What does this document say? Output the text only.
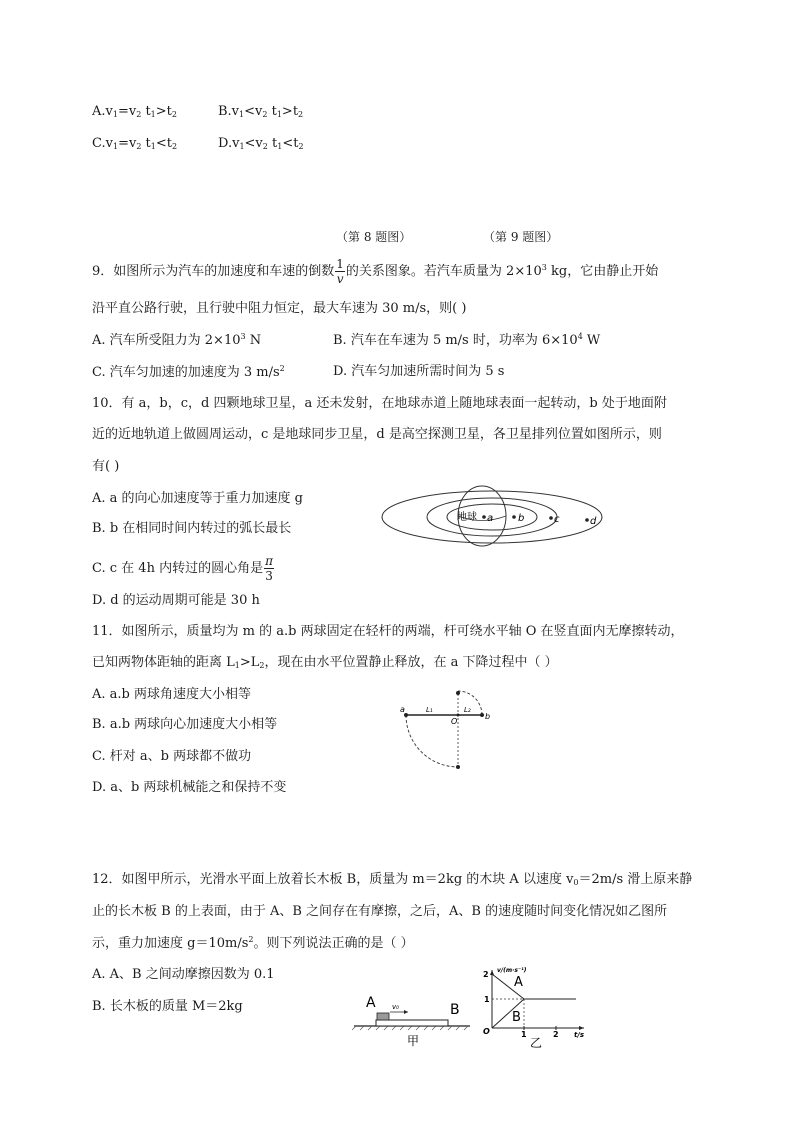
$A.v_1=v_2$ $t_1>t_2$	$B.v_1<v_2$ $t_1>t_2$
$C.v_1=v_2$ $t_1<t_2$	$D.v_1<v_2$ $t_1<t_2$
（第 8 题图）	（第 9 题图）
9．如图所示为汽车的加速度和车速的倒数 $\frac{1}{v}$ 的关系图象。若汽车质量为 $2\times 10^3$ kg，它由静止开始
沿平直公路行驶，且行驶中阻力恒定，最大车速为 30 m/s，则( )
A. 汽车所受阻力为 $2\times 10^3$ N	B. 汽车在车速为 5 m/s 时，功率为 $6\times 10^4$ W
C. 汽车匀加速的加速度为 3 $m/s^2$	D. 汽车匀加速所需时间为 5 s
10．有 a，b，c，d 四颗地球卫星，a 还未发射，在地球赤道上随地球表面一起转动，b 处于地面附
近的近地轨道上做圆周运动，c 是地球同步卫星，d 是高空探测卫星，各卫星排列位置如图所示，则
有( )
A. a 的向心加速度等于重力加速度 g
B. b 在相同时间内转过的弧长最长
C. c 在 4h 内转过的圆心角是 $\frac{\pi}{3}$
D. d 的运动周期可能是 30 h
地球 a b	c	d
11．如图所示，质量均为 m 的 a.b 两球固定在轻杆的两端，杆可绕水平轴 O 在竖直面内无摩擦转动，
已知两物体距轴的距离 $L_1>L_2$，现在由水平位置静止释放，在 a 下降过程中（ ）
A. a.b 两球角速度大小相等
B. a.b 两球向心加速度大小相等
C. 杆对 a、b 两球都不做功
D. a、b 两球机械能之和保持不变
a
b
L₁	L₂
O
12．如图甲所示，光滑水平面上放着长木板 B，质量为 m＝2kg 的木块 A 以速度 $v_0=2m/s$ 滑上原来静
止的长木板 B 的上表面，由于 A、B 之间存在有摩擦，之后，A、B 的速度随时间变化情况如乙图所
示，重力加速度 $g=10m/s^2$。则下列说法正确的是（ ）
A. A、B 之间动摩擦因数为 0.1
B. 长木板的质量 M＝2kg	A	B
v₀
甲
2
1
O	1	2
v/(m·s⁻¹)
t/s
A
B
乙
